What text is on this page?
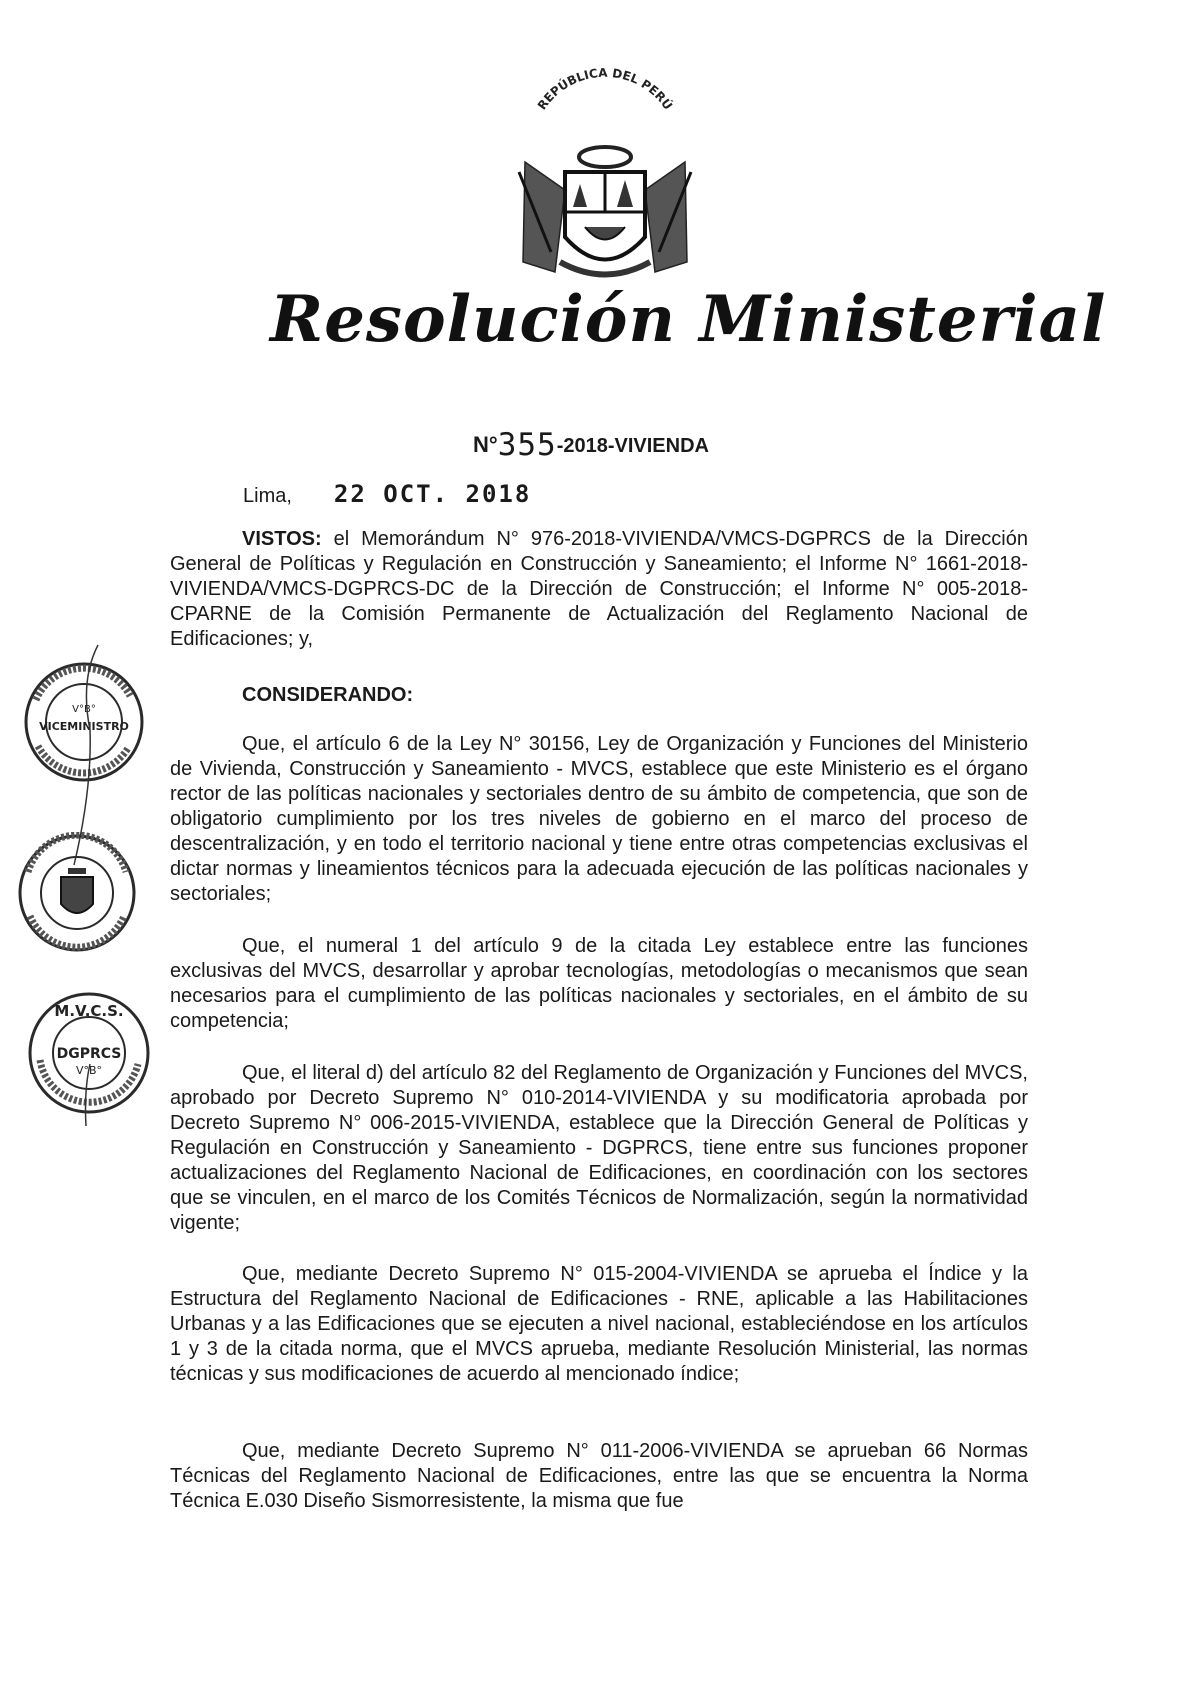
REPÚBLICA DEL PERÚ
Resolución Ministerial
N°355-2018-VIVIENDA
Lima, 22 OCT. 2018

VISTOS: el Memorándum N° 976-2018-VIVIENDA/VMCS-DGPRCS de la Dirección General de Políticas y Regulación en Construcción y Saneamiento; el Informe N° 1661-2018-VIVIENDA/VMCS-DGPRCS-DC de la Dirección de Construcción; el Informe N° 005-2018-CPARNE de la Comisión Permanente de Actualización del Reglamento Nacional de Edificaciones; y,

CONSIDERANDO:

Que, el artículo 6 de la Ley N° 30156, Ley de Organización y Funciones del Ministerio de Vivienda, Construcción y Saneamiento - MVCS, establece que este Ministerio es el órgano rector de las políticas nacionales y sectoriales dentro de su ámbito de competencia, que son de obligatorio cumplimiento por los tres niveles de gobierno en el marco del proceso de descentralización, y en todo el territorio nacional y tiene entre otras competencias exclusivas el dictar normas y lineamientos técnicos para la adecuada ejecución de las políticas nacionales y sectoriales;

Que, el numeral 1 del artículo 9 de la citada Ley establece entre las funciones exclusivas del MVCS, desarrollar y aprobar tecnologías, metodologías o mecanismos que sean necesarios para el cumplimiento de las políticas nacionales y sectoriales, en el ámbito de su competencia;

Que, el literal d) del artículo 82 del Reglamento de Organización y Funciones del MVCS, aprobado por Decreto Supremo N° 010-2014-VIVIENDA y su modificatoria aprobada por Decreto Supremo N° 006-2015-VIVIENDA, establece que la Dirección General de Políticas y Regulación en Construcción y Saneamiento - DGPRCS, tiene entre sus funciones proponer actualizaciones del Reglamento Nacional de Edificaciones, en coordinación con los sectores que se vinculen, en el marco de los Comités Técnicos de Normalización, según la normatividad vigente;

Que, mediante Decreto Supremo N° 015-2004-VIVIENDA se aprueba el Índice y la Estructura del Reglamento Nacional de Edificaciones - RNE, aplicable a las Habilitaciones Urbanas y a las Edificaciones que se ejecuten a nivel nacional, estableciéndose en los artículos 1 y 3 de la citada norma, que el MVCS aprueba, mediante Resolución Ministerial, las normas técnicas y sus modificaciones de acuerdo al mencionado índice;

Que, mediante Decreto Supremo N° 011-2006-VIVIENDA se aprueban 66 Normas Técnicas del Reglamento Nacional de Edificaciones, entre las que se encuentra la Norma Técnica E.030 Diseño Sismorresistente, la misma que fue

V°B°
VICEMINISTRO
M.V.C.S.
DGPRCS
V°B°
